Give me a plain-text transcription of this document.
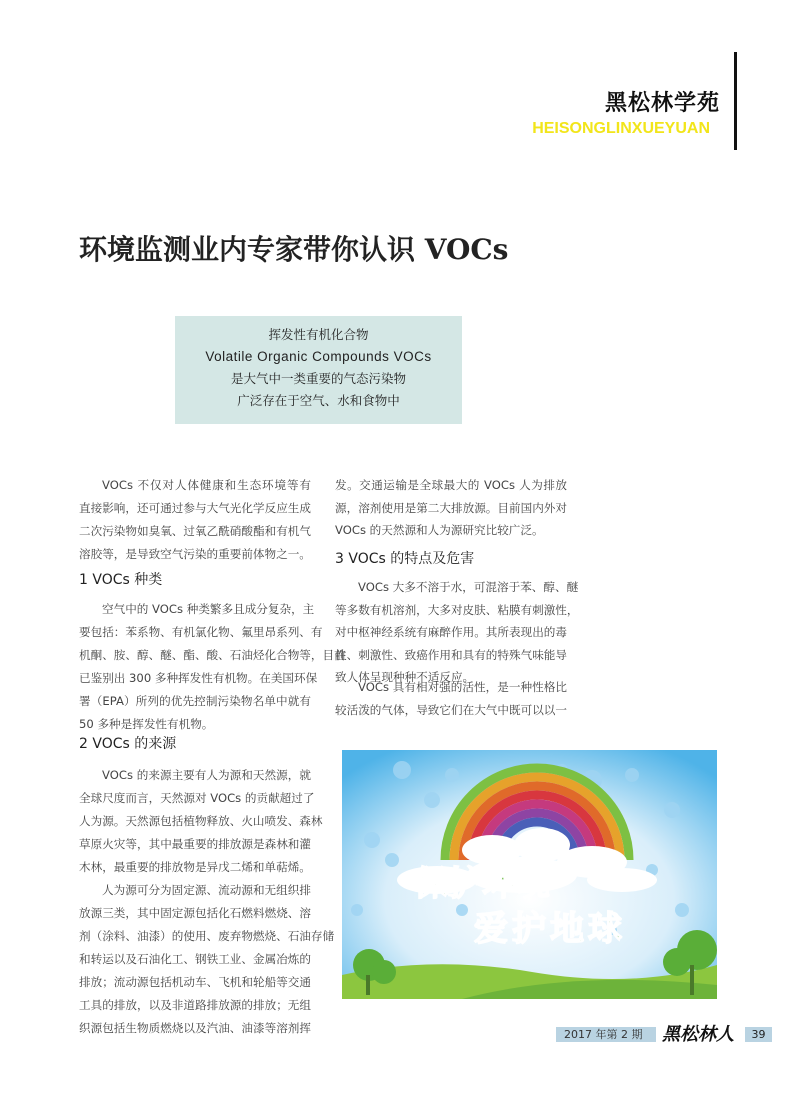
黑松林学苑
HEISONGLINXUEYUAN
环境监测业内专家带你认识 VOCs
挥发性有机化合物
Volatile Organic Compounds VOCs
是大气中一类重要的气态污染物
广泛存在于空气、水和食物中
VOCs 不仅对人体健康和生态环境等有
直接影响，还可通过参与大气光化学反应生成
二次污染物如臭氧、过氧乙酰硝酸酯和有机气
溶胶等，是导致空气污染的重要前体物之一。
1 VOCs 种类
空气中的 VOCs 种类繁多且成分复杂，主
要包括：苯系物、有机氯化物、氟里昂系列、有
机酮、胺、醇、醚、酯、酸、石油烃化合物等，目前
已鉴别出 300 多种挥发性有机物。在美国环保
署（EPA）所列的优先控制污染物名单中就有
50 多种是挥发性有机物。
2 VOCs 的来源
VOCs 的来源主要有人为源和天然源，就
全球尺度而言，天然源对 VOCs 的贡献超过了
人为源。天然源包括植物释放、火山喷发、森林
草原火灾等，其中最重要的排放源是森林和灌
木林，最重要的排放物是异戊二烯和单萜烯。
人为源可分为固定源、流动源和无组织排
放源三类，其中固定源包括化石燃料燃烧、溶
剂（涂料、油漆）的使用、废弃物燃烧、石油存储
和转运以及石油化工、钢铁工业、金属冶炼的
排放；流动源包括机动车、飞机和轮船等交通
工具的排放，以及非道路排放源的排放；无组
织源包括生物质燃烧以及汽油、油漆等溶剂挥
发。交通运输是全球最大的 VOCs 人为排放
源，溶剂使用是第二大排放源。目前国内外对
VOCs 的天然源和人为源研究比较广泛。
3 VOCs 的特点及危害
VOCs 大多不溶于水，可混溶于苯、醇、醚
等多数有机溶剂，大多对皮肤、粘膜有刺激性，
对中枢神经系统有麻醉作用。其所表现出的毒
性、刺激性、致癌作用和具有的特殊气味能导
致人体呈现种种不适反应。
VOCs 具有相对强的活性，是一种性格比
较活泼的气体，导致它们在大气中既可以以一
保护环境
爱护地球
2017 年第 2 期	黑松林人	39
